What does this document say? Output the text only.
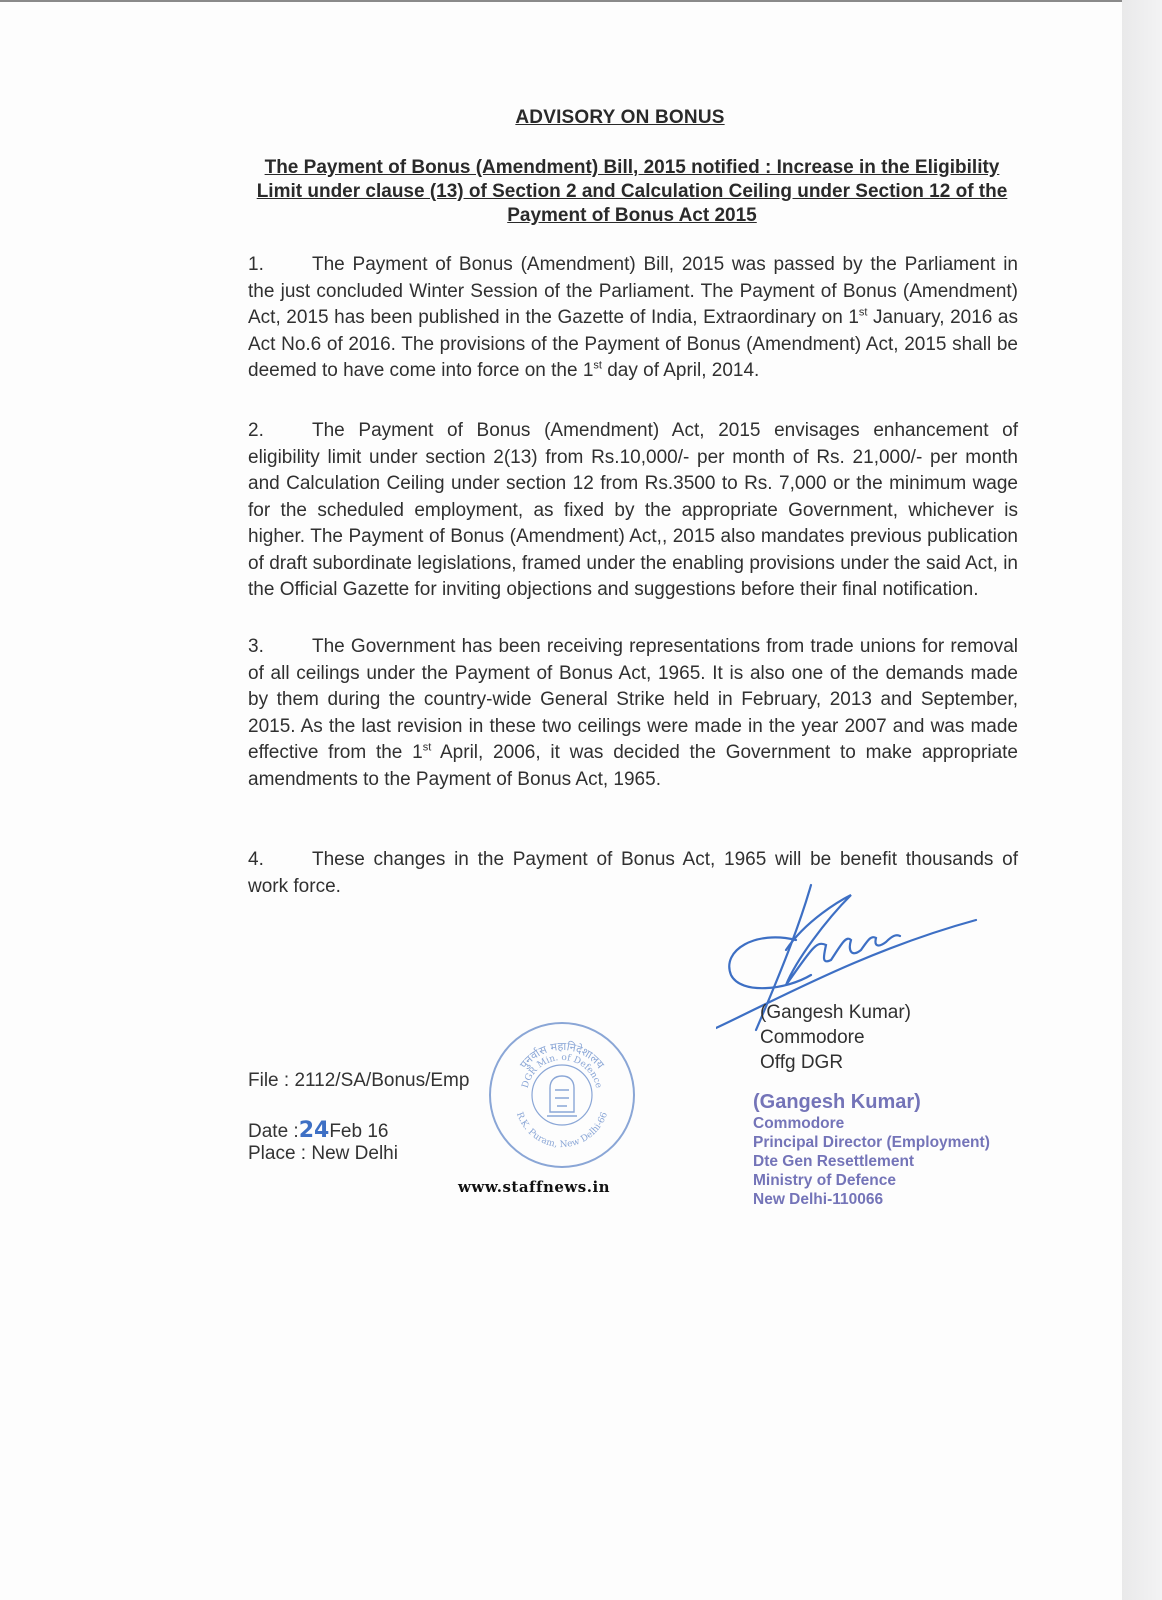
ADVISORY ON BONUS
The Payment of Bonus (Amendment) Bill, 2015 notified : Increase in the Eligibility Limit under clause (13) of Section 2 and Calculation Ceiling under Section 12 of the Payment of Bonus Act 2015
1.	The Payment of Bonus (Amendment) Bill, 2015 was passed by the Parliament in the just concluded Winter Session of the Parliament. The Payment of Bonus (Amendment) Act, 2015 has been published in the Gazette of India, Extraordinary on 1st January, 2016 as Act No.6 of 2016. The provisions of the Payment of Bonus (Amendment) Act, 2015 shall be deemed to have come into force on the 1st day of April, 2014.
2.	The Payment of Bonus (Amendment) Act, 2015 envisages enhancement of eligibility limit under section 2(13) from Rs.10,000/- per month of Rs. 21,000/- per month and Calculation Ceiling under section 12 from Rs.3500 to Rs. 7,000 or the minimum wage for the scheduled employment, as fixed by the appropriate Government, whichever is higher. The Payment of Bonus (Amendment) Act,, 2015 also mandates previous publication of draft subordinate legislations, framed under the enabling provisions under the said Act, in the Official Gazette for inviting objections and suggestions before their final notification.
3.	The Government has been receiving representations from trade unions for removal of all ceilings under the Payment of Bonus Act, 1965. It is also one of the demands made by them during the country-wide General Strike held in February, 2013 and September, 2015. As the last revision in these two ceilings were made in the year 2007 and was made effective from the 1st April, 2006, it was decided the Government to make appropriate amendments to the Payment of Bonus Act, 1965.
4.	These changes in the Payment of Bonus Act, 1965 will be benefit thousands of work force.
(Gangesh Kumar)
Commodore
Offg DGR
File : 2112/SA/Bonus/Emp
Date :24Feb 16
Place : New Delhi
पुनर्वास महानिदेशालय
DGR Min. of Defence
R.K. Puram, New Delhi-66
www.staffnews.in
(Gangesh Kumar)
Commodore
Principal Director (Employment)
Dte Gen Resettlement
Ministry of Defence
New Delhi-110066
